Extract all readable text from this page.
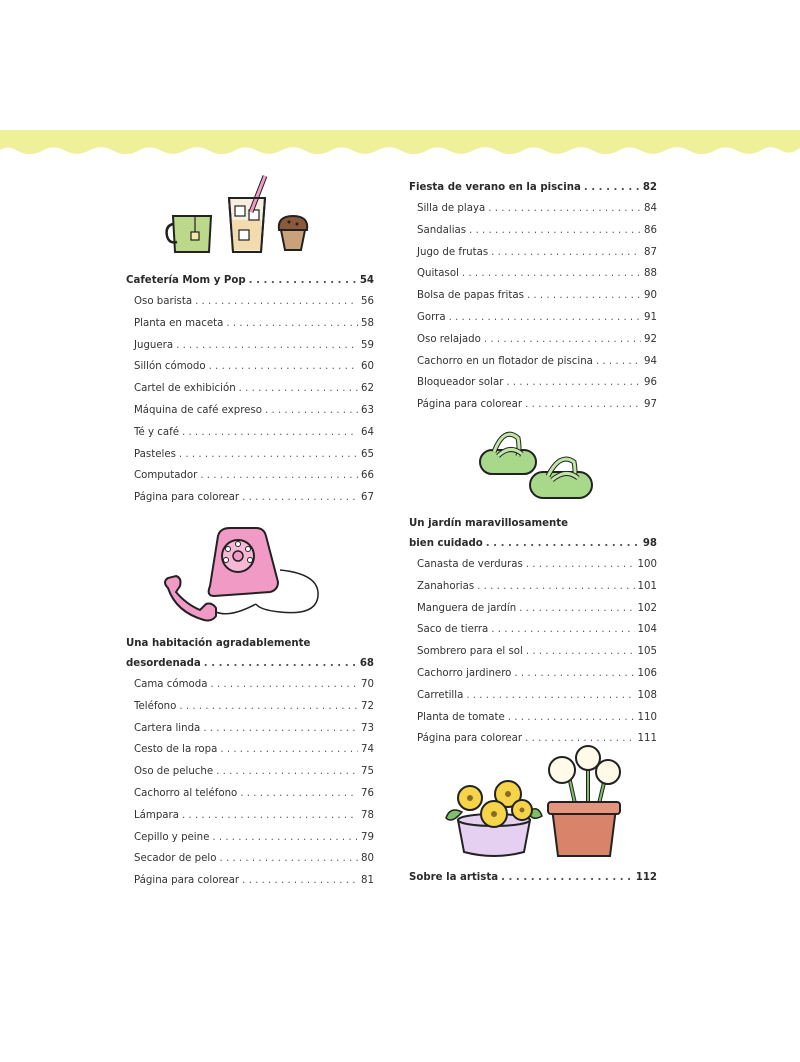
Cafetería Mom y Pop . . .	54
Oso barista . . .	56
Planta en maceta . . .	58
Juguera . . .	59
Sillón cómodo . . .	60
Cartel de exhibición . . .	62
Máquina de café expreso . . .	63
Té y café . . .	64
Pasteles . . .	65
Computador . . .	66
Página para colorear . . .	67
Una habitación agradablemente
desordenada . . .	68
Cama cómoda . . .	70
Teléfono . . .	72
Cartera linda . . .	73
Cesto de la ropa . . .	74
Oso de peluche . . .	75
Cachorro al teléfono . . .	76
Lámpara . . .	78
Cepillo y peine . . .	79
Secador de pelo . . .	80
Página para colorear . . .	81
Fiesta de verano en la piscina . . .	82
Silla de playa . . .	84
Sandalias . . .	86
Jugo de frutas . . .	87
Quitasol . . .	88
Bolsa de papas fritas . . .	90
Gorra . . .	91
Oso relajado . . .	92
Cachorro en un flotador de piscina . . .	94
Bloqueador solar . . .	96
Página para colorear . . .	97
Un jardín maravillosamente
bien cuidado . . .	98
Canasta de verduras . . .	100
Zanahorias . . .	101
Manguera de jardín . . .	102
Saco de tierra . . .	104
Sombrero para el sol . . .	105
Cachorro jardinero . . .	106
Carretilla . . .	108
Planta de tomate . . .	110
Página para colorear . . .	111
Sobre la artista . . .	112
